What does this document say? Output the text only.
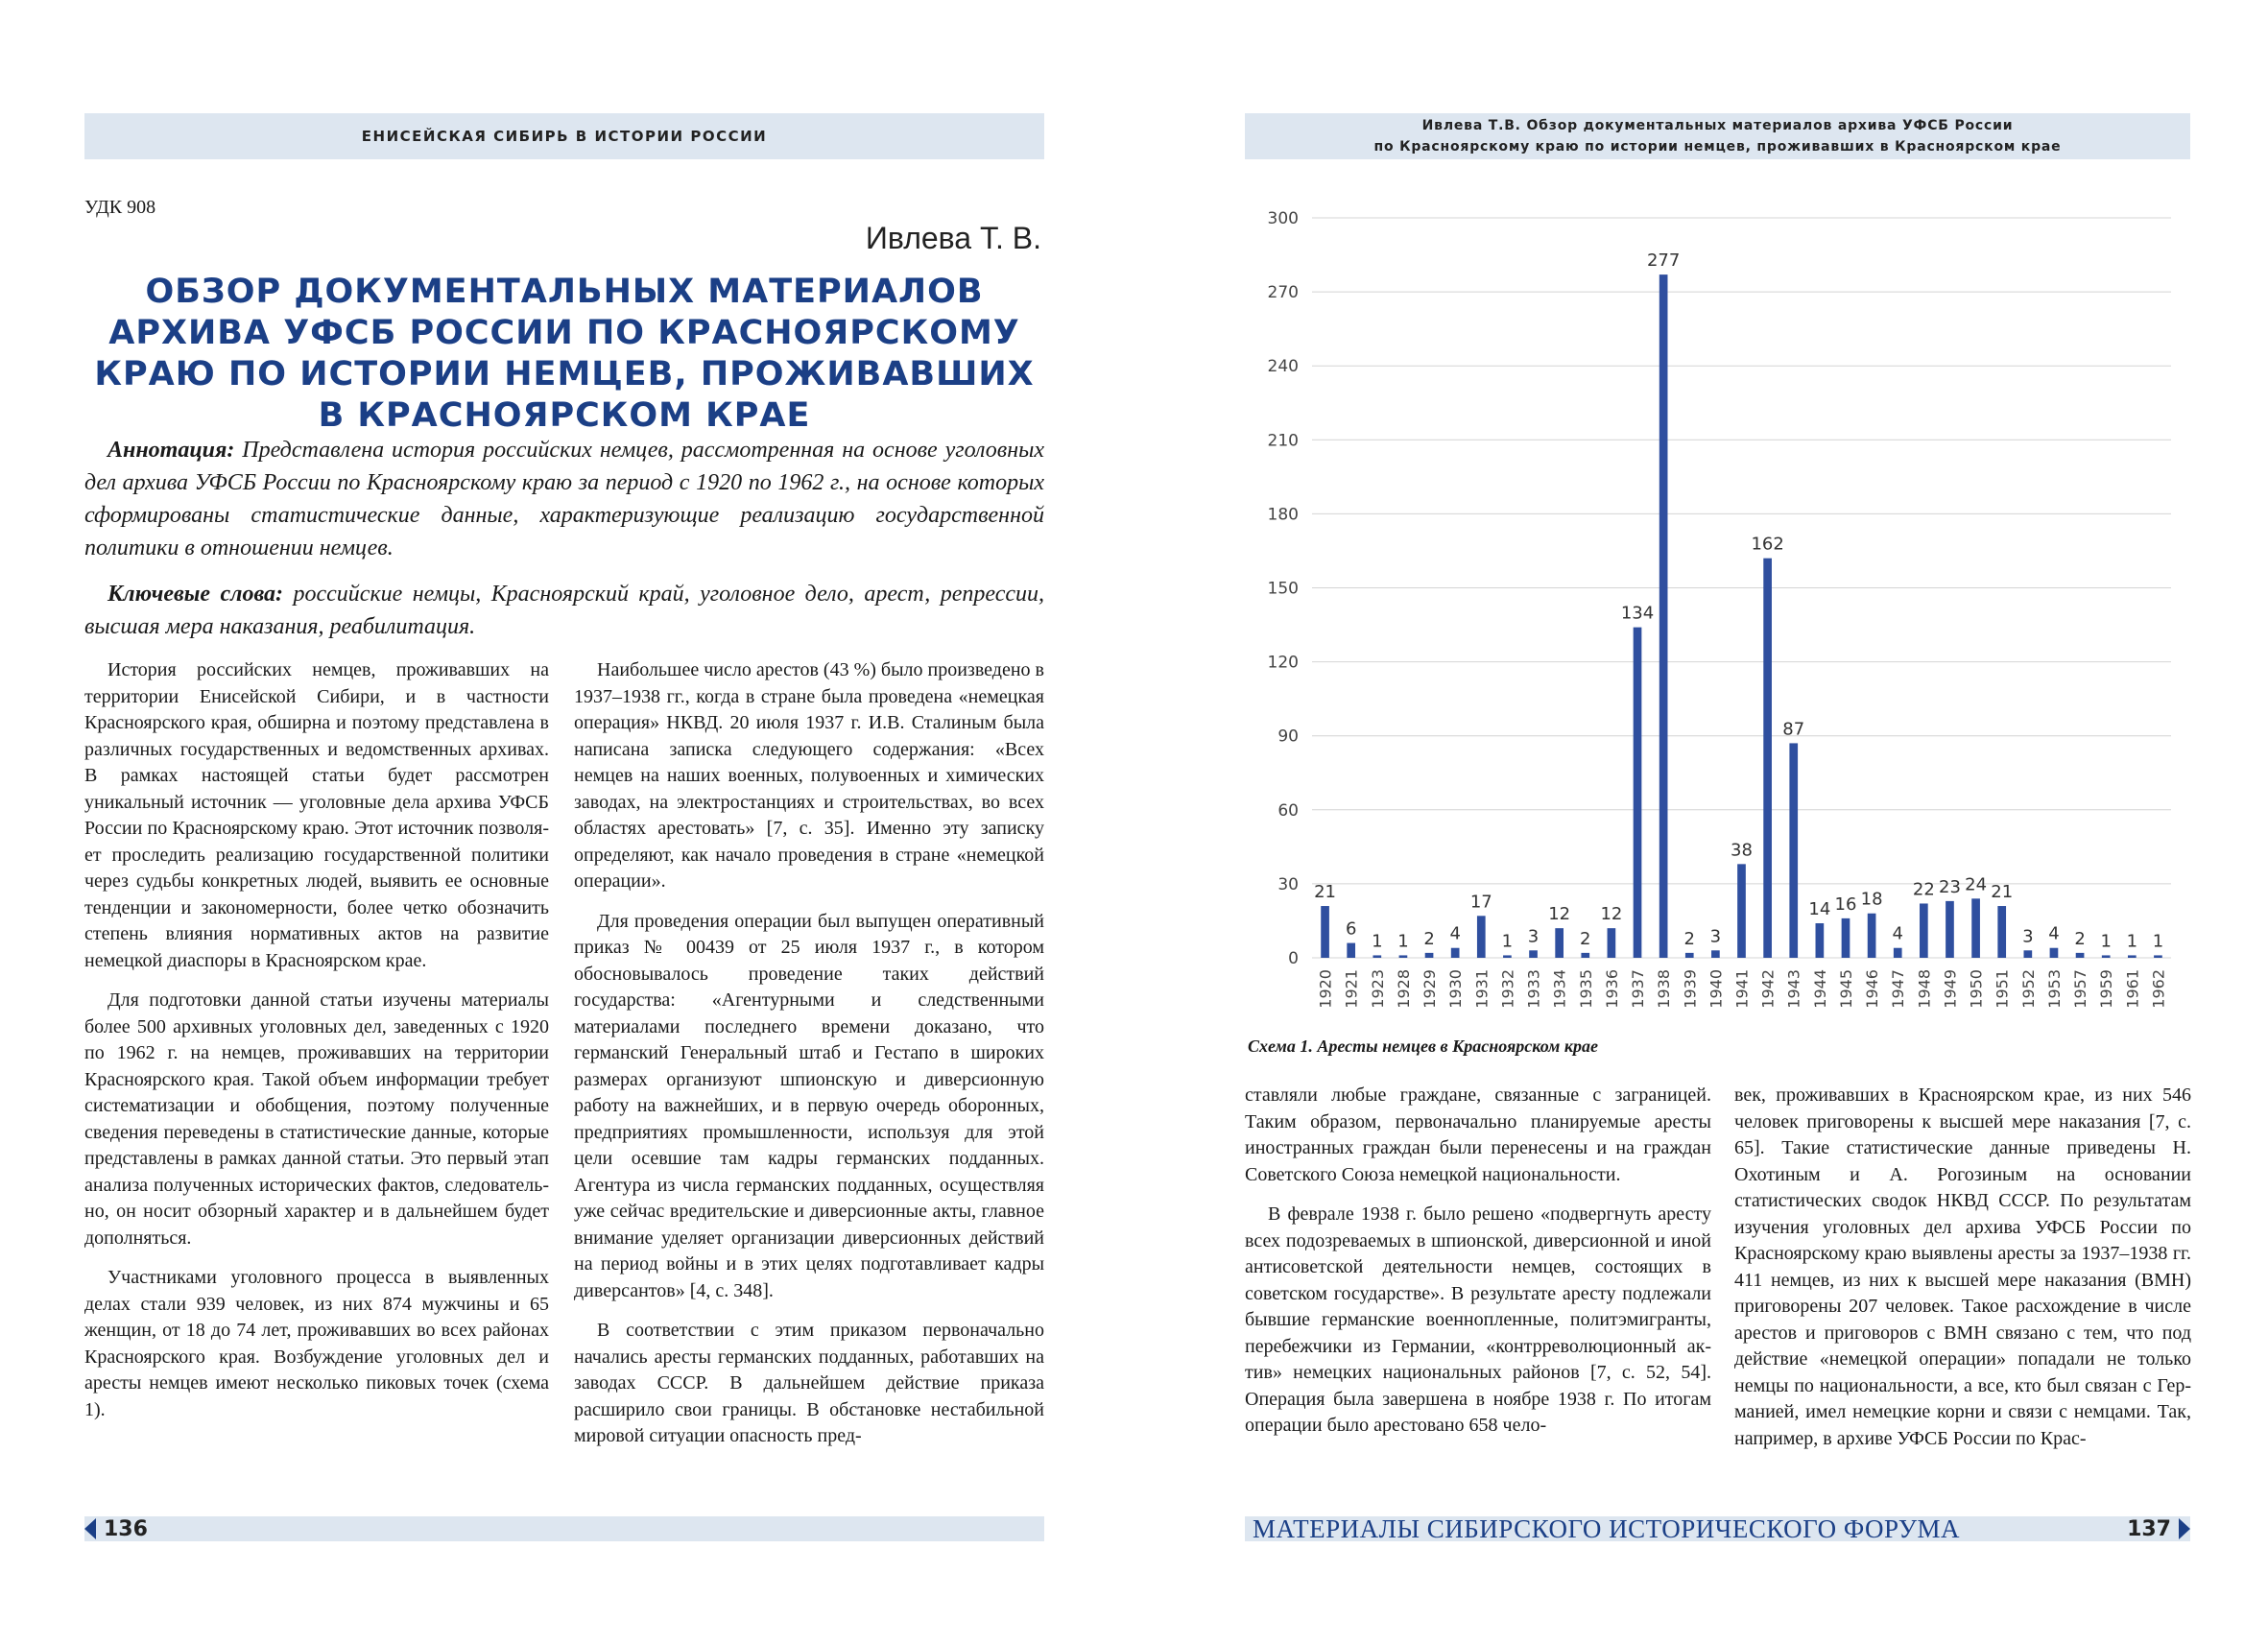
ЕНИСЕЙСКАЯ СИБИРЬ В ИСТОРИИ РОССИИ
УДК 908
Ивлева Т. В.
ОБЗОР ДОКУМЕНТАЛЬНЫХ МАТЕРИАЛОВ
АРХИВА УФСБ РОССИИ ПО КРАСНОЯРСКОМУ
КРАЮ ПО ИСТОРИИ НЕМЦЕВ, ПРОЖИВАВШИХ
В КРАСНОЯРСКОМ КРАЕ

Аннотация: Представлена история российских немцев, рассмотренная на основе уголовных дел архива УФСБ России по Красноярскому краю за период с 1920 по 1962 г., на основе которых сформированы статистические данные, характеризующие реализацию государственной политики в отношении немцев.

Ключевые слова: российские немцы, Красноярский край, уголовное дело, арест, репрессии, высшая мера наказания, реабилитация.

История российских немцев, проживавших на территории Енисейской Сибири, и в частности Красноярского края, обширна и поэтому представлена в различных государственных и ведомственных архивах. В рамках настоящей статьи будет рассмотрен уникальный источник — уголовные дела архива УФСБ России по Красноярскому краю. Этот источник позволяет проследить реализацию государственной политики через судьбы конкретных людей, выявить ее основные тенденции и закономерности, более четко обозначить степень влияния нормативных актов на развитие немецкой диаспоры в Красноярском крае.

Для подготовки данной статьи изучены материалы более 500 архивных уголовных дел, заведенных с 1920 по 1962 г. на немцев, проживавших на территории Красноярского края. Такой объем информации требует систематизации и обобщения, поэтому полученные сведения переведены в статистические данные, которые представлены в рамках данной статьи. Это первый этап анализа полученных исторических фактов, следовательно, он носит обзорный характер и в дальнейшем будет дополняться.

Участниками уголовного процесса в выявленных делах стали 939 человек, из них 874 мужчины и 65 женщин, от 18 до 74 лет, проживавших во всех районах Красноярского края. Возбуждение уголовных дел и аресты немцев имеют несколько пиковых точек (схема 1).

Наибольшее число арестов (43 %) было произведено в 1937–1938 гг., когда в стране была проведена «немецкая операция» НКВД. 20 июля 1937 г. И.В. Сталиным была написана записка следующего содержания: «Всех немцев на наших военных, полувоенных и химических заводах, на электростанциях и строительствах, во всех областях арестовать» [7, с. 35]. Именно эту записку определяют, как начало проведения в стране «немецкой операции».

Для проведения операции был выпущен оперативный приказ № 00439 от 25 июля 1937 г., в котором обосновывалось проведение таких действий государства: «Агентурными и следственными материалами последнего времени доказано, что германский Генеральный штаб и Гестапо в широких размерах организуют шпионскую и диверсионную работу на важнейших, и в первую очередь оборонных, предприятиях промышленности, используя для этой цели осевшие там кадры германских подданных. Агентура из числа германских подданных, осуществляя уже сейчас вредительские и диверсионные акты, главное внимание уделяет организации диверсионных действий на период войны и в этих целях подготавливает кадры диверсантов» [4, с. 348].

В соответствии с этим приказом первоначально начались аресты германских подданных, работавших на заводах СССР. В дальнейшем действие приказа расширило свои границы. В обстановке нестабильной мировой ситуации опасность пред-

136
Ивлева Т.В. Обзор документальных материалов архива УФСБ России
по Красноярскому краю по истории немцев, проживавших в Красноярском крае
0
30
60
90
120
150
180
210
240
270
300
21
1920
6
1921
1
1923
1
1928
2
1929
4
1930
17
1931
1
1932
3
1933
12
1934
2
1935
12
1936
134
1937
277
1938
2
1939
3
1940
38
1941
162
1942
87
1943
14
1944
16
1945
18
1946
4
1947
22
1948
23
1949
24
1950
21
1951
3
1952
4
1953
2
1957
1
1959
1
1961
1
1962
Схема 1. Аресты немцев в Красноярском крае

ставляли любые граждане, связанные с заграницей. Таким образом, первоначально планируемые аресты иностранных граждан были перенесены и на граждан Советского Союза немецкой национальности.

В феврале 1938 г. было решено «подвергнуть аресту всех подозреваемых в шпионской, диверсионной и иной антисоветской деятельности немцев, состоящих в советском государстве». В результате аресту подлежали бывшие германские военнопленные, политэмигранты, перебежчики из Германии, «контрреволюционный актив» немецких национальных районов [7, с. 52, 54]. Операция была завершена в ноябре 1938 г. По итогам операции было арестовано 658 чело-

век, проживавших в Красноярском крае, из них 546 человек приговорены к высшей мере наказания [7, с. 65]. Такие статистические данные приведены Н. Охотиным и А. Рогозиным на основании статистических сводок НКВД СССР. По результатам изучения уголовных дел архива УФСБ России по Красноярскому краю выявлены аресты за 1937–1938 гг. 411 немцев, из них к высшей мере наказания (ВМН) приговорены 207 человек. Такое расхождение в числе арестов и приговоров с ВМН связано с тем, что под действие «немецкой операции» попадали не только немцы по национальности, а все, кто был связан с Германией, имел немецкие корни и связи с немцами. Так, например, в архиве УФСБ России по Крас-

МАТЕРИАЛЫ СИБИРСКОГО ИСТОРИЧЕСКОГО ФОРУМА	137
